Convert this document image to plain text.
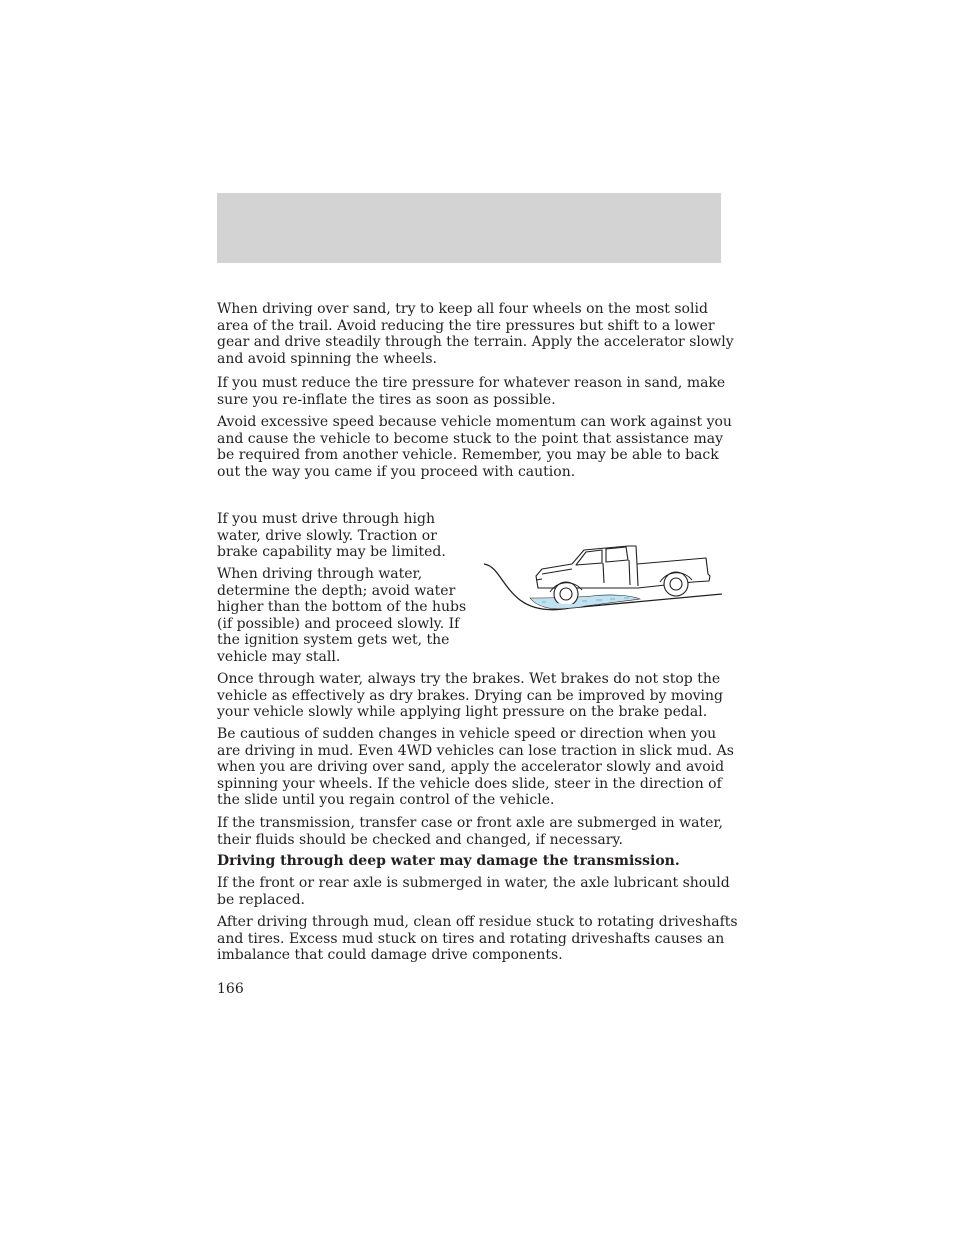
When driving over sand, try to keep all four wheels on the most solid
area of the trail. Avoid reducing the tire pressures but shift to a lower
gear and drive steadily through the terrain. Apply the accelerator slowly
and avoid spinning the wheels.

If you must reduce the tire pressure for whatever reason in sand, make
sure you re-inflate the tires as soon as possible.

Avoid excessive speed because vehicle momentum can work against you
and cause the vehicle to become stuck to the point that assistance may
be required from another vehicle. Remember, you may be able to back
out the way you came if you proceed with caution.

If you must drive through high
water, drive slowly. Traction or
brake capability may be limited.

When driving through water,
determine the depth; avoid water
higher than the bottom of the hubs
(if possible) and proceed slowly. If
the ignition system gets wet, the
vehicle may stall.

Once through water, always try the brakes. Wet brakes do not stop the
vehicle as effectively as dry brakes. Drying can be improved by moving
your vehicle slowly while applying light pressure on the brake pedal.

Be cautious of sudden changes in vehicle speed or direction when you
are driving in mud. Even 4WD vehicles can lose traction in slick mud. As
when you are driving over sand, apply the accelerator slowly and avoid
spinning your wheels. If the vehicle does slide, steer in the direction of
the slide until you regain control of the vehicle.

If the transmission, transfer case or front axle are submerged in water,
their fluids should be checked and changed, if necessary.

Driving through deep water may damage the transmission.

If the front or rear axle is submerged in water, the axle lubricant should
be replaced.

After driving through mud, clean off residue stuck to rotating driveshafts
and tires. Excess mud stuck on tires and rotating driveshafts causes an
imbalance that could damage drive components.

166
